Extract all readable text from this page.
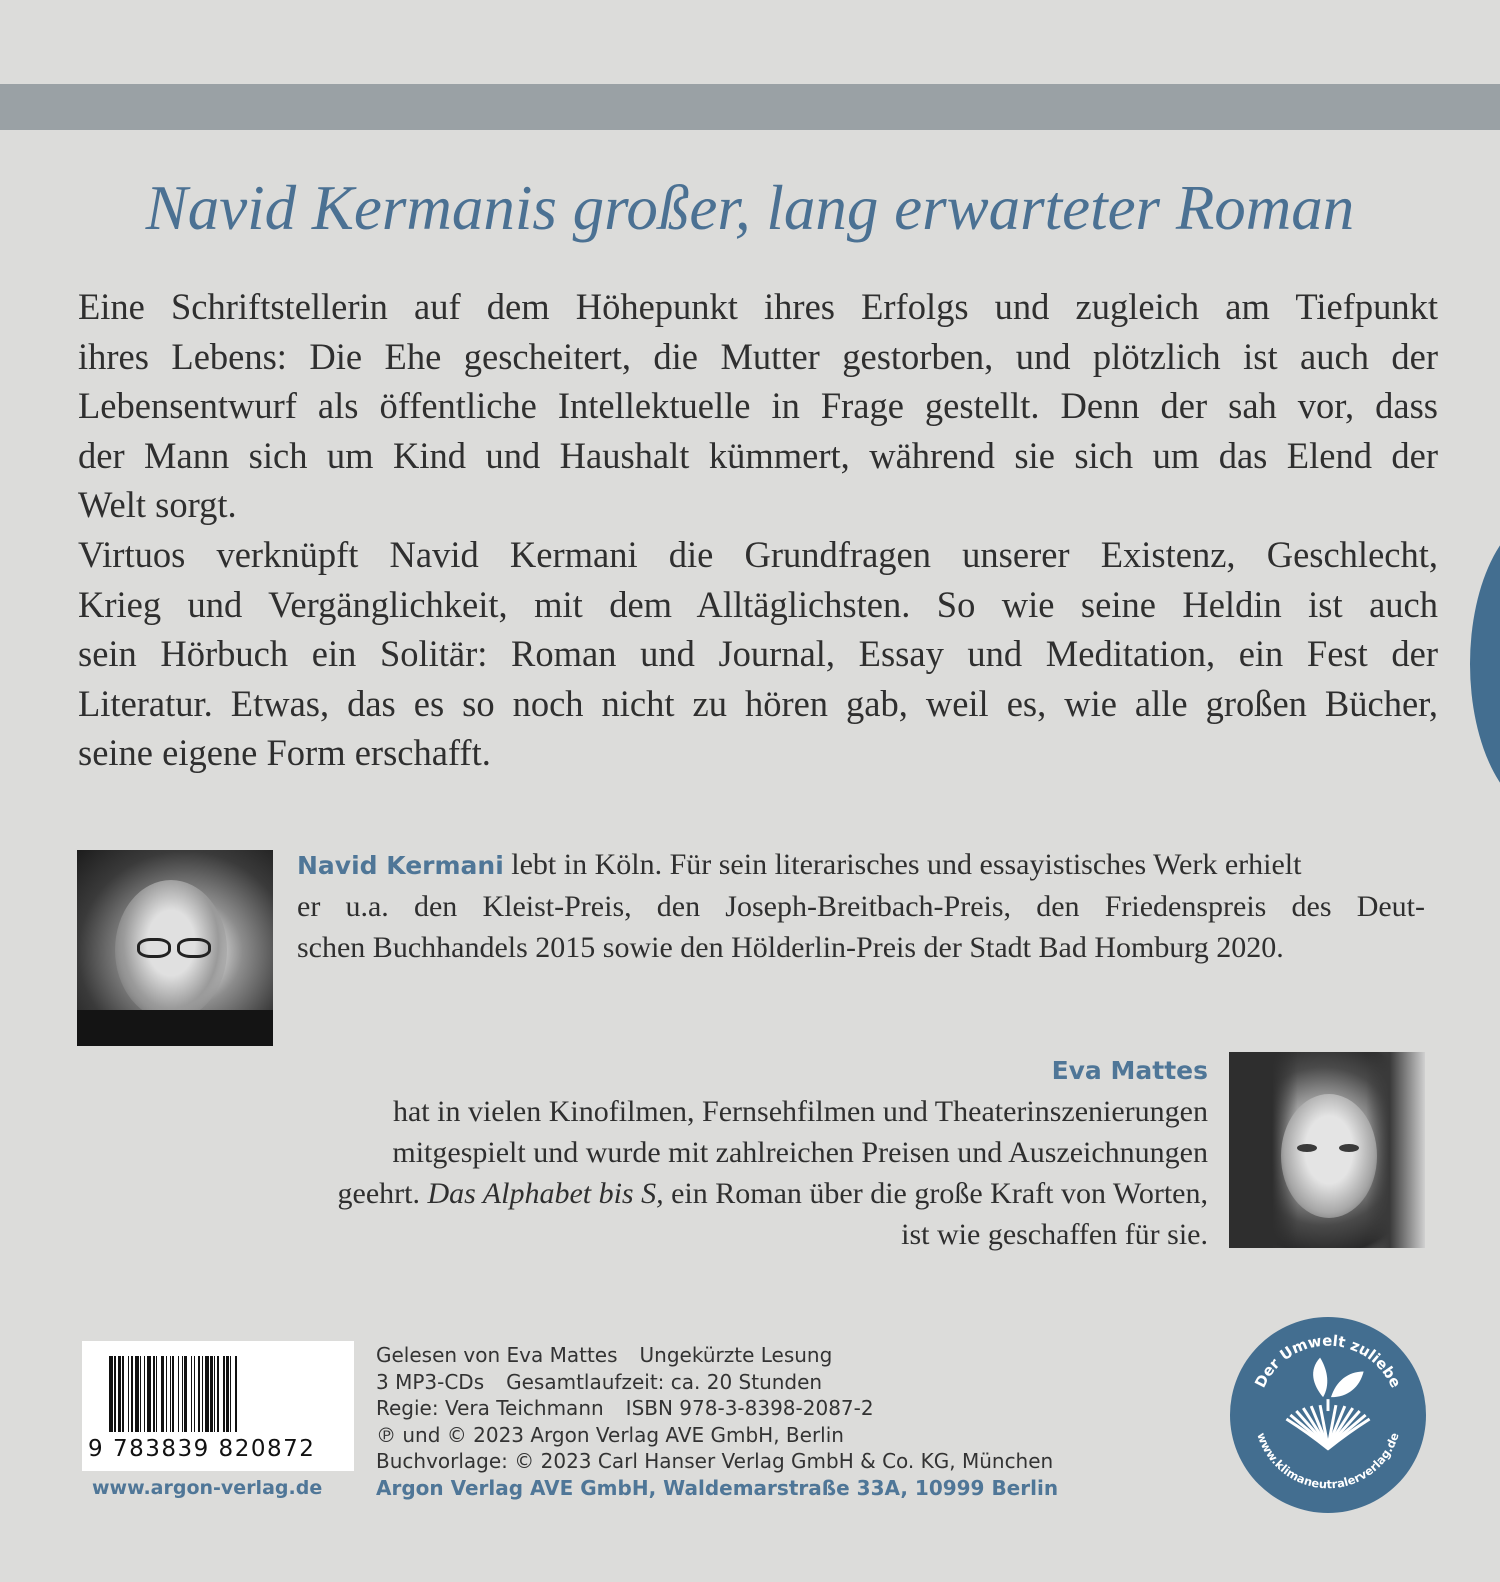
Navid Kermanis großer, lang erwarteter Roman
Eine Schriftstellerin auf dem Höhepunkt ihres Erfolgs und zugleich am Tiefpunkt
ihres Lebens: Die Ehe gescheitert, die Mutter gestorben, und plötzlich ist auch der
Lebensentwurf als öffentliche Intellektuelle in Frage gestellt. Denn der sah vor, dass
der Mann sich um Kind und Haushalt kümmert, während sie sich um das Elend der
Welt sorgt.
Virtuos verknüpft Navid Kermani die Grundfragen unserer Existenz, Geschlecht,
Krieg und Vergänglichkeit, mit dem Alltäglichsten. So wie seine Heldin ist auch
sein Hörbuch ein Solitär: Roman und Journal, Essay und Meditation, ein Fest der
Literatur. Etwas, das es so noch nicht zu hören gab, weil es, wie alle großen Bücher,
seine eigene Form erschafft.
Navid Kermani lebt in Köln. Für sein literarisches und essayistisches Werk erhielt
er u.a. den Kleist-Preis, den Joseph-Breitbach-Preis, den Friedenspreis des Deut-
schen Buchhandels 2015 sowie den Hölderlin-Preis der Stadt Bad Homburg 2020.
Eva Mattes
hat in vielen Kinofilmen, Fernsehfilmen und Theaterinszenierungen
mitgespielt und wurde mit zahlreichen Preisen und Auszeichnungen
geehrt. Das Alphabet bis S, ein Roman über die große Kraft von Worten,
ist wie geschaffen für sie.
9 783839 820872
www.argon-verlag.de
Gelesen von Eva Mattes Ungekürzte Lesung
3 MP3-CDs Gesamtlaufzeit: ca. 20 Stunden
Regie: Vera Teichmann ISBN 978-3-8398-2087-2
℗ und © 2023 Argon Verlag AVE GmbH, Berlin
Buchvorlage: © 2023 Carl Hanser Verlag GmbH & Co. KG, München
Argon Verlag AVE GmbH, Waldemarstraße 33A, 10999 Berlin
Der Umwelt zuliebe
www.klimaneutralerverlag.de
